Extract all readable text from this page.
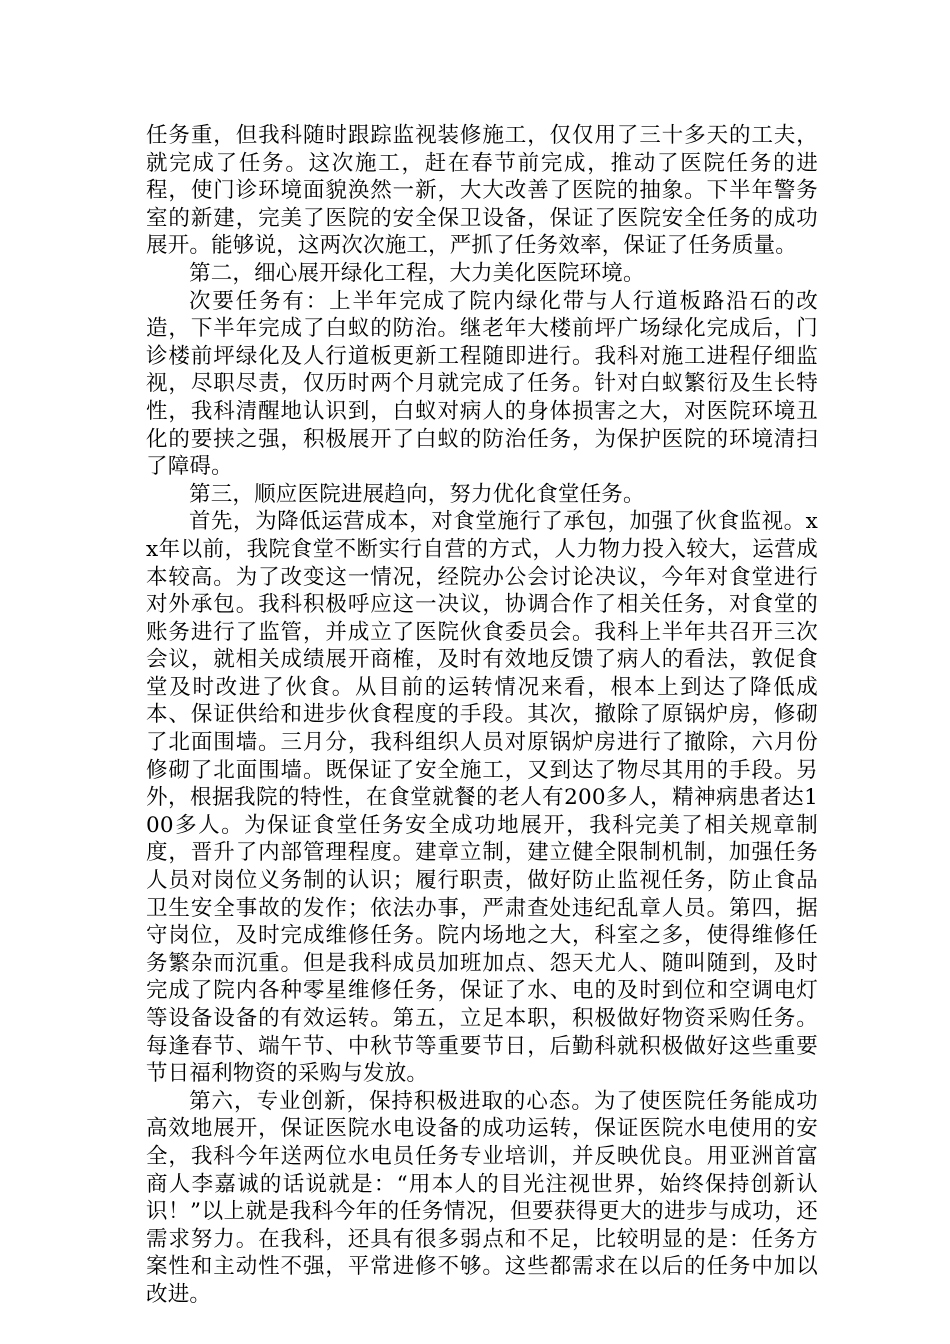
任务重，但我科随时跟踪监视装修施工，仅仅用了三十多天的工夫，就完成了任务。这次施工，赶在春节前完成，推动了医院任务的进程，使门诊环境面貌涣然一新，大大改善了医院的抽象。下半年警务室的新建，完美了医院的安全保卫设备，保证了医院安全任务的成功展开。能够说，这两次次施工，严抓了任务效率，保证了任务质量。

第二，细心展开绿化工程，大力美化医院环境。

次要任务有：上半年完成了院内绿化带与人行道板路沿石的改造，下半年完成了白蚁的防治。继老年大楼前坪广场绿化完成后，门诊楼前坪绿化及人行道板更新工程随即进行。我科对施工进程仔细监视，尽职尽责，仅历时两个月就完成了任务。针对白蚁繁衍及生长特性，我科清醒地认识到，白蚁对病人的身体损害之大，对医院环境丑化的要挟之强，积极展开了白蚁的防治任务，为保护医院的环境清扫了障碍。

第三，顺应医院进展趋向，努力优化食堂任务。

首先，为降低运营成本，对食堂施行了承包，加强了伙食监视。xx年以前，我院食堂不断实行自营的方式，人力物力投入较大，运营成本较高。为了改变这一情况，经院办公会讨论决议，今年对食堂进行对外承包。我科积极呼应这一决议，协调合作了相关任务，对食堂的账务进行了监管，并成立了医院伙食委员会。我科上半年共召开三次会议，就相关成绩展开商榷，及时有效地反馈了病人的看法，敦促食堂及时改进了伙食。从目前的运转情况来看，根本上到达了降低成本、保证供给和进步伙食程度的手段。其次，撤除了原锅炉房，修砌了北面围墙。三月分，我科组织人员对原锅炉房进行了撤除，六月份修砌了北面围墙。既保证了安全施工，又到达了物尽其用的手段。另外，根据我院的特性，在食堂就餐的老人有200多人，精神病患者达100多人。为保证食堂任务安全成功地展开，我科完美了相关规章制度，晋升了内部管理程度。建章立制，建立健全限制机制，加强任务人员对岗位义务制的认识；履行职责，做好防止监视任务，防止食品卫生安全事故的发作；依法办事，严肃查处违纪乱章人员。第四，据守岗位，及时完成维修任务。院内场地之大，科室之多，使得维修任务繁杂而沉重。但是我科成员加班加点、怨天尤人、随叫随到，及时完成了院内各种零星维修任务，保证了水、电的及时到位和空调电灯等设备设备的有效运转。第五，立足本职，积极做好物资采购任务。每逢春节、端午节、中秋节等重要节日，后勤科就积极做好这些重要节日福利物资的采购与发放。

第六，专业创新，保持积极进取的心态。为了使医院任务能成功高效地展开，保证医院水电设备的成功运转，保证医院水电使用的安全，我科今年送两位水电员任务专业培训，并反映优良。用亚洲首富商人李嘉诚的话说就是：“用本人的目光注视世界，始终保持创新认识！”以上就是我科今年的任务情况，但要获得更大的进步与成功，还需求努力。在我科，还具有很多弱点和不足，比较明显的是：任务方案性和主动性不强，平常进修不够。这些都需求在以后的任务中加以改进。
